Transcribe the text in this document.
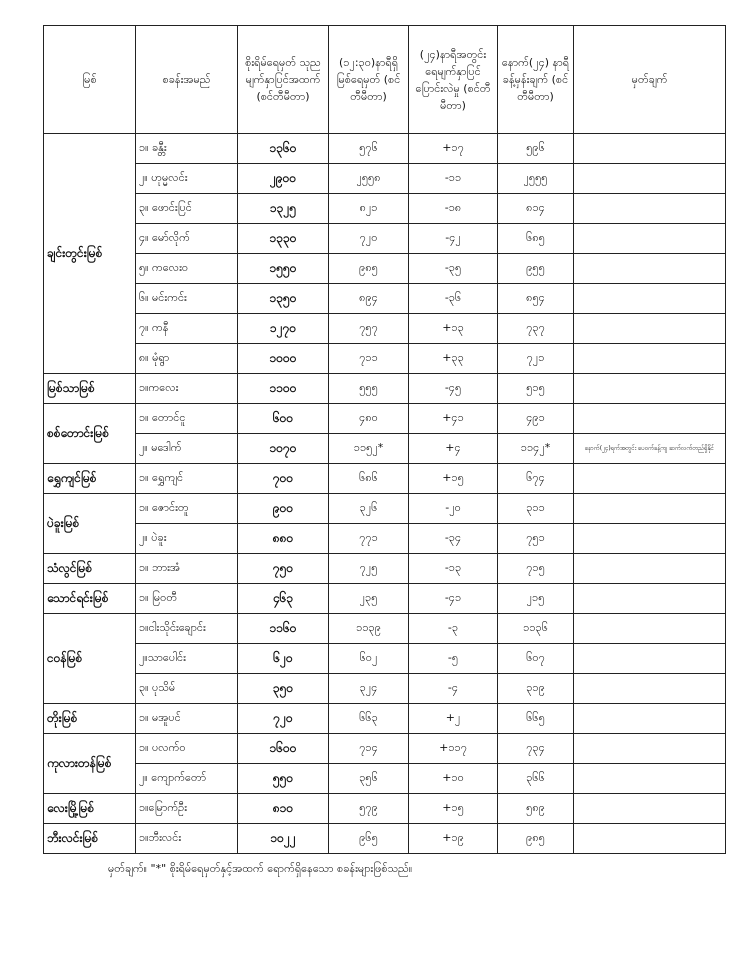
မြစ်	စခန်းအမည်	စိုးရိမ်ရေမှတ် သုညမျက်နှာပြင်အထက် (စင်တီမီတာ)	(၁၂:၃၀)နာရီရှိ မြစ်ရေမှတ် (စင်တီမီတာ)	(၂၄)နာရီအတွင်း ရေမျက်နှာပြင် ပြောင်းလဲမှု (စင်တီမီတာ)	နောက်(၂၄) နာရီ ခန့်မှန်းချက် (စင်တီမီတာ)	မှတ်ချက်
ချင်းတွင်းမြစ်	၁။ ခန္တီး	၁၃၆၀	၅၇၆	+၁၇	၅၉၆	
	၂။ ဟုမ္မလင်း	၂၉၀၀	၂၅၅၈	-၁၁	၂၅၅၅	
	၃။ ဖောင်းပြင်	၁၃၂၅	၈၂၁	-၁၈	၈၁၄	
	၄။ မော်လိုက်	၁၃၃၀	၇၂၀	-၄၂	၆၈၅	
	၅။ ကလေးဝ	၁၅၅၀	၉၈၅	-၃၅	၉၅၅	
	၆။ မင်းကင်း	၁၃၅၀	၈၉၄	-၃၆	၈၅၄	
	၇။ ကနီ	၁၂၇၀	၇၅၇	+၁၃	၇၃၇	
	၈။ မုံရွာ	၁၀၀၀	၇၁၁	+၃၃	၇၂၁	
မြစ်သာမြစ်	၁။ကလေး	၁၁၀၀	၅၅၅	-၄၅	၅၁၅	
စစ်တောင်းမြစ်	၁။ တောင်ငူ	၆၀၀	၄၈၀	+၄၁	၄၉၁	
	၂။ မဒေါက်	၁၀၇၀	၁၁၅၂*	+၄	၁၁၄၂*	နောက်(၂၄)ရက်အတွင်း ပေ၀က်ခန့်ကျ ဆက်လက်တည်ရှိနိုင်
ရွှေကျင်မြစ်	၁။ ရွှေကျင်	၇၀၀	၆၈၆	+၁၅	၆၇၄	
ပဲခူးမြစ်	၁။ ဇောင်းတူ	၉၀၀	၃၂၆	-၂၀	၃၁၁	
	၂။ ပဲခူး	၈၈၀	၇၇၁	-၃၄	၇၅၁	
သံလွင်မြစ်	၁။ ဘားအံ	၇၅၀	၇၂၅	-၁၃	၇၁၅	
သောင်ရင်းမြစ်	၁။ မြဝတီ	၄၆၃	၂၃၅	-၄၁	၂၁၅	
ငဝန်မြစ်	၁။ငါးသိုင်းချောင်း	၁၁၆၀	၁၁၃၉	-၃	၁၁၃၆	
	၂။သာပေါင်း	၆၂၀	၆၀၂	-၅	၆၀၇	
	၃။ ပုသိမ်	၃၅၀	၃၂၄	-၄	၃၁၉	
တိုးမြစ်	၁။ မအူပင်	၇၂၀	၆၆၃	+၂	၆၆၅	
ကုလားတန်မြစ်	၁။ ပလက်ဝ	၁၆၀၀	၇၁၄	+၁၁၇	၇၃၄	
	၂။ ကျောက်တော်	၅၅၀	၃၅၆	+၁၀	၃၆၆	
လေးမြို့မြစ်	၁။မြောက်ဦး	၈၁၀	၅၇၉	+၁၅	၅၈၉	
ဘီးလင်းမြစ်	၁။ဘီးလင်း	၁၀၂၂	၉၆၅	+၁၉	၉၈၅	
မှတ်ချက်။ "*" စိုးရိမ်ရေမှတ်နှင့်အထက် ရောက်ရှိနေသော စခန်းများဖြစ်သည်။
